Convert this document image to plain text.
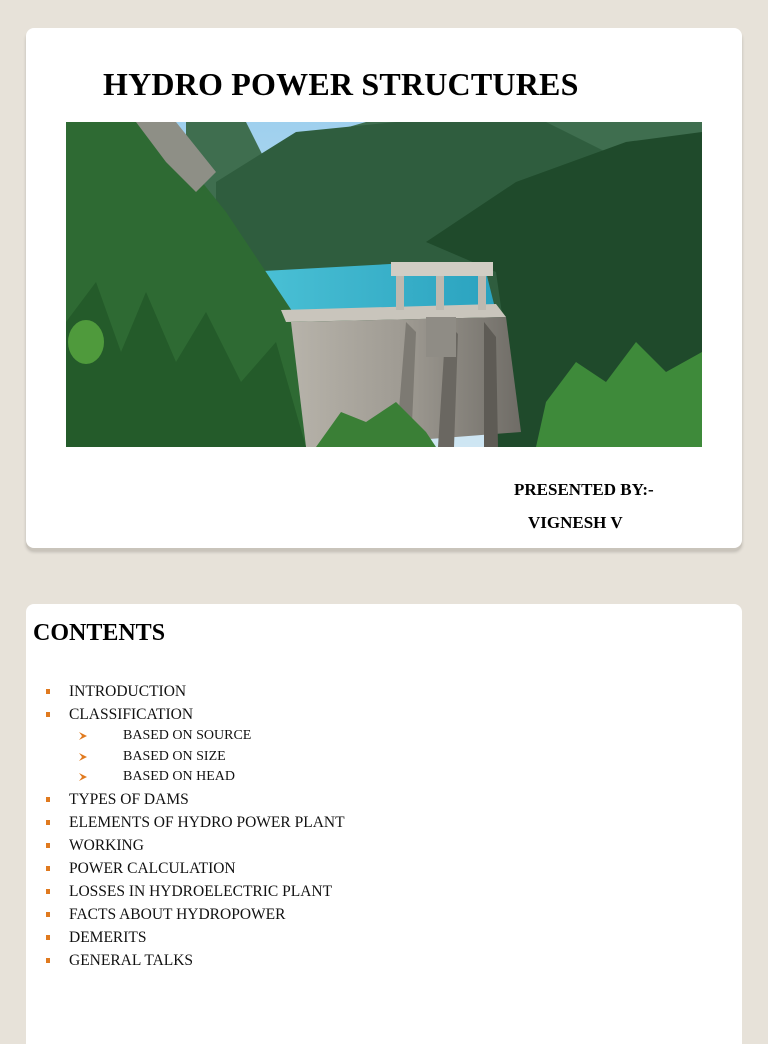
HYDRO POWER STRUCTURES
PRESENTED BY:-
VIGNESH V
CONTENTS
INTRODUCTION
CLASSIFICATION
BASED ON SOURCE
BASED ON SIZE
BASED ON HEAD
TYPES OF DAMS
ELEMENTS OF HYDRO POWER PLANT
WORKING
POWER CALCULATION
LOSSES IN HYDROELECTRIC PLANT
FACTS ABOUT HYDROPOWER
DEMERITS
GENERAL TALKS
